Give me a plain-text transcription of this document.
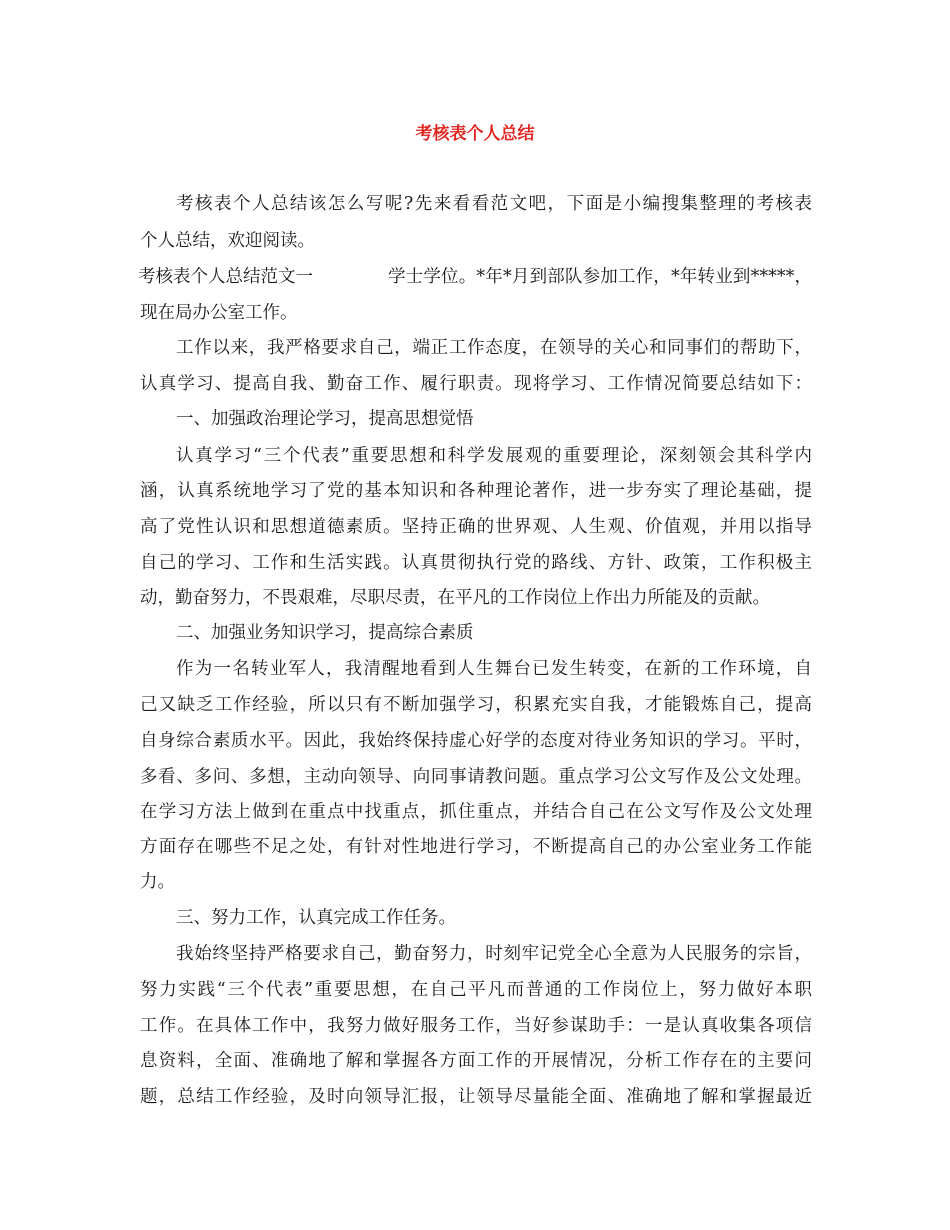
考核表个人总结

考核表个人总结该怎么写呢?先来看看范文吧，下面是小编搜集整理的考核表

个人总结，欢迎阅读。

考核表个人总结范文一	学士学位。*年*月到部队参加工作，*年转业到*****，

现在局办公室工作。

工作以来，我严格要求自己，端正工作态度，在领导的关心和同事们的帮助下，

认真学习、提高自我、勤奋工作、履行职责。现将学习、工作情况简要总结如下：

一、加强政治理论学习，提高思想觉悟

认真学习“三个代表”重要思想和科学发展观的重要理论，深刻领会其科学内

涵，认真系统地学习了党的基本知识和各种理论著作，进一步夯实了理论基础，提

高了党性认识和思想道德素质。坚持正确的世界观、人生观、价值观，并用以指导

自己的学习、工作和生活实践。认真贯彻执行党的路线、方针、政策，工作积极主

动，勤奋努力，不畏艰难，尽职尽责，在平凡的工作岗位上作出力所能及的贡献。

二、加强业务知识学习，提高综合素质

作为一名转业军人，我清醒地看到人生舞台已发生转变，在新的工作环境，自

己又缺乏工作经验，所以只有不断加强学习，积累充实自我，才能锻炼自己，提高

自身综合素质水平。因此，我始终保持虚心好学的态度对待业务知识的学习。平时，

多看、多问、多想，主动向领导、向同事请教问题。重点学习公文写作及公文处理。

在学习方法上做到在重点中找重点，抓住重点，并结合自己在公文写作及公文处理

方面存在哪些不足之处，有针对性地进行学习，不断提高自己的办公室业务工作能

力。

三、努力工作，认真完成工作任务。

我始终坚持严格要求自己，勤奋努力，时刻牢记党全心全意为人民服务的宗旨，

努力实践“三个代表”重要思想，在自己平凡而普通的工作岗位上，努力做好本职

工作。在具体工作中，我努力做好服务工作，当好参谋助手：一是认真收集各项信

息资料，全面、准确地了解和掌握各方面工作的开展情况，分析工作存在的主要问

题，总结工作经验，及时向领导汇报，让领导尽量能全面、准确地了解和掌握最近
